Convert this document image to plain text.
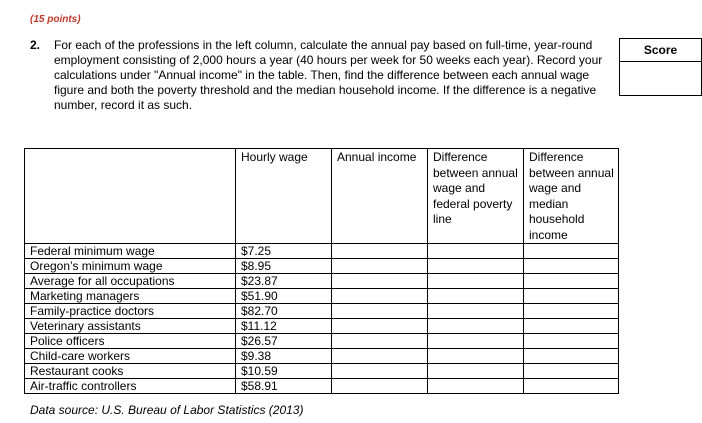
(15 points)
2. For each of the professions in the left column, calculate the annual pay based on full-time, year-round employment consisting of 2,000 hours a year (40 hours per week for 50 weeks each year). Record your calculations under "Annual income" in the table. Then, find the difference between each annual wage figure and both the poverty threshold and the median household income. If the difference is a negative number, record it as such.
Score
	Hourly wage	Annual income	Difference between annual wage and federal poverty line	Difference between annual wage and median household income
Federal minimum wage	$7.25			
Oregon’s minimum wage	$8.95			
Average for all occupations	$23.87			
Marketing managers	$51.90			
Family-practice doctors	$82.70			
Veterinary assistants	$11.12			
Police officers	$26.57			
Child-care workers	$9.38			
Restaurant cooks	$10.59			
Air-traffic controllers	$58.91			
Data source: U.S. Bureau of Labor Statistics (2013)
